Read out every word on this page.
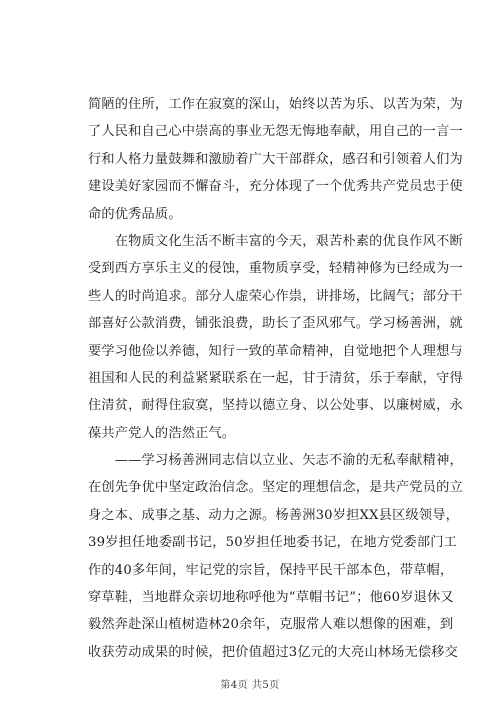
简陋的住所，工作在寂寞的深山，始终以苦为乐、以苦为荣，为
了人民和自己心中崇高的事业无怨无悔地奉献，用自己的一言一
行和人格力量鼓舞和激励着广大干部群众，感召和引领着人们为
建设美好家园而不懈奋斗，充分体现了一个优秀共产党员忠于使
命的优秀品质。
　　在物质文化生活不断丰富的今天，艰苦朴素的优良作风不断
受到西方享乐主义的侵蚀，重物质享受，轻精神修为已经成为一
些人的时尚追求。部分人虚荣心作祟，讲排场，比阔气；部分干
部喜好公款消费，铺张浪费，助长了歪风邪气。学习杨善洲，就
要学习他俭以养德，知行一致的革命精神，自觉地把个人理想与
祖国和人民的利益紧紧联系在一起，甘于清贫，乐于奉献，守得
住清贫，耐得住寂寞，坚持以德立身、以公处事、以廉树威，永
葆共产党人的浩然正气。
　　——学习杨善洲同志信以立业、矢志不渝的无私奉献精神，
在创先争优中坚定政治信念。坚定的理想信念，是共产党员的立
身之本、成事之基、动力之源。杨善洲30岁担XX县区级领导，
39岁担任地委副书记，50岁担任地委书记，在地方党委部门工
作的40多年间，牢记党的宗旨，保持平民干部本色，带草帽，
穿草鞋，当地群众亲切地称呼他为“草帽书记”；他60岁退休又
毅然奔赴深山植树造林20余年，克服常人难以想像的困难，到
收获劳动成果的时候，把价值超过3亿元的大亮山林场无偿移交
第4页 共5页
